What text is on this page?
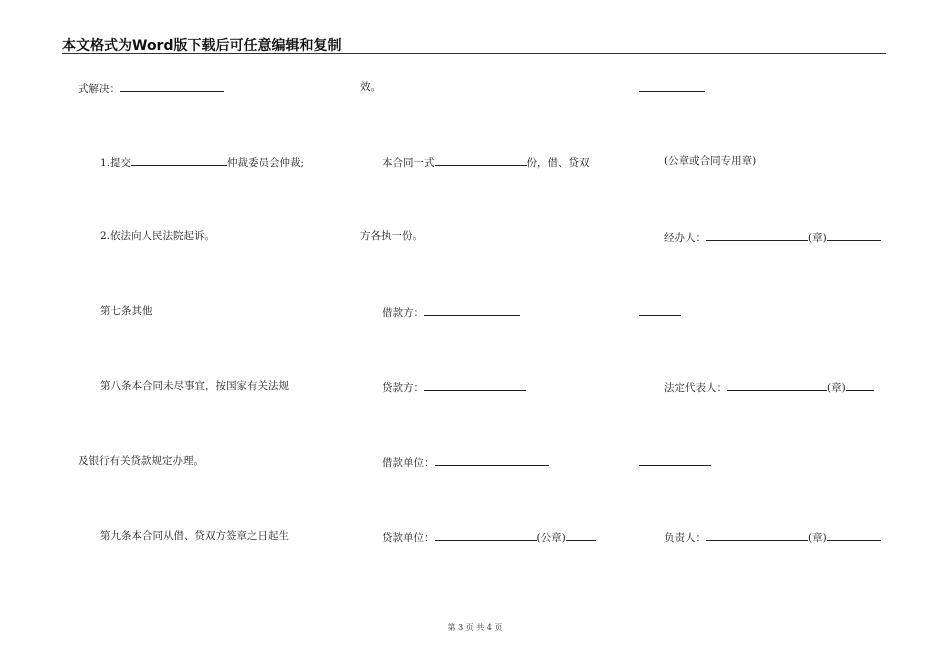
本文格式为Word版下载后可任意编辑和复制
式解决：
1.提交	仲裁委员会仲裁;
2.依法向人民法院起诉。
第七条其他
第八条本合同未尽事宜，按国家有关法规
及银行有关贷款规定办理。
第九条本合同从借、贷双方签章之日起生
效。
本合同一式	份，借、贷双
方各执一份。
借款方：
贷款方：
借款单位：
贷款单位：	(公章)
(公章或合同专用章)
经办人：	(章)
法定代表人：	(章)
负责人：	(章)
第 3 页 共 4 页
